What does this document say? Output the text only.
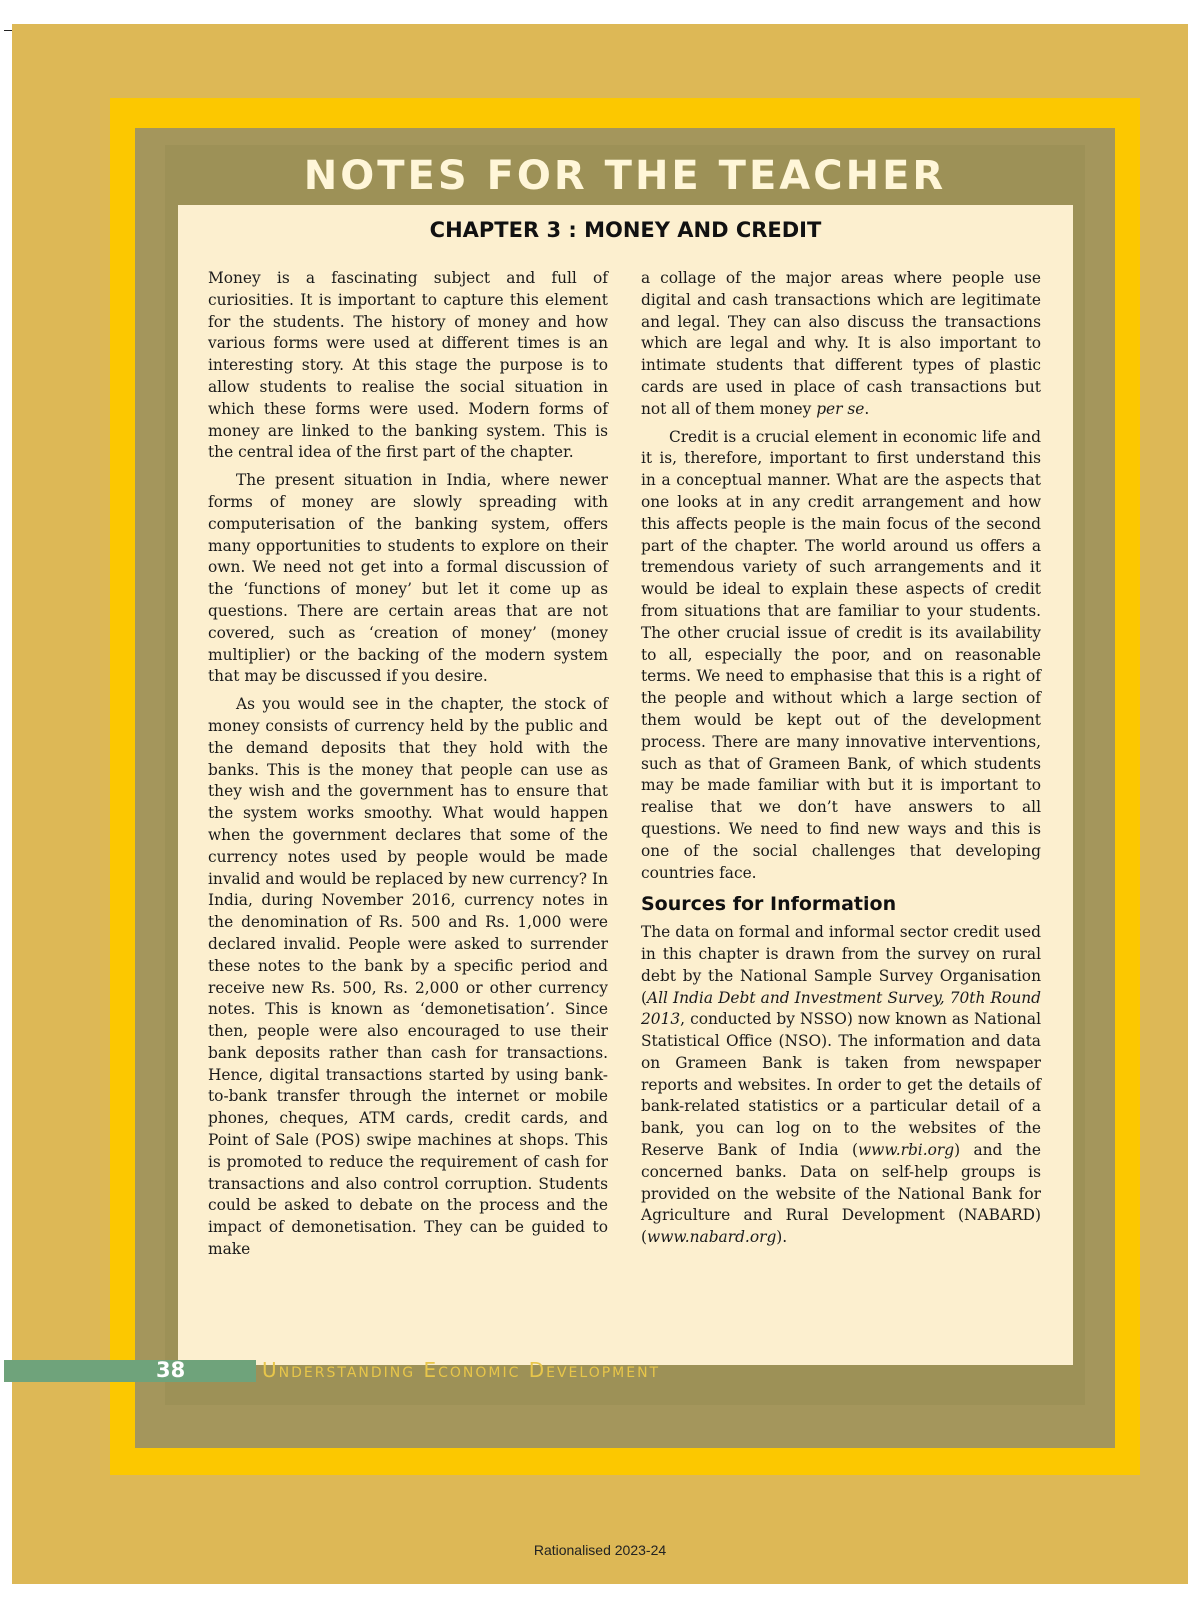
NOTES FOR THE TEACHER
CHAPTER 3 : MONEY AND CREDIT

Money is a fascinating subject and full of curiosities. It is important to capture this element for the students. The history of money and how various forms were used at different times is an interesting story. At this stage the purpose is to allow students to realise the social situation in which these forms were used. Modern forms of money are linked to the banking system. This is the central idea of the first part of the chapter.

The present situation in India, where newer forms of money are slowly spreading with computerisation of the banking system, offers many opportunities to students to explore on their own. We need not get into a formal discussion of the ‘functions of money’ but let it come up as questions. There are certain areas that are not covered, such as ‘creation of money’ (money multiplier) or the backing of the modern system that may be discussed if you desire.

As you would see in the chapter, the stock of money consists of currency held by the public and the demand deposits that they hold with the banks. This is the money that people can use as they wish and the government has to ensure that the system works smoothy. What would happen when the government declares that some of the currency notes used by people would be made invalid and would be replaced by new currency? In India, during November 2016, currency notes in the denomination of Rs. 500 and Rs. 1,000 were declared invalid. People were asked to surrender these notes to the bank by a specific period and receive new Rs. 500, Rs. 2,000 or other currency notes. This is known as ‘demonetisation’. Since then, people were also encouraged to use their bank deposits rather than cash for transactions. Hence, digital transactions started by using bank-to-bank transfer through the internet or mobile phones, cheques, ATM cards, credit cards, and Point of Sale (POS) swipe machines at shops. This is promoted to reduce the requirement of cash for transactions and also control corruption. Students could be asked to debate on the process and the impact of demonetisation. They can be guided to make

a collage of the major areas where people use digital and cash transactions which are legitimate and legal. They can also discuss the transactions which are legal and why. It is also important to intimate students that different types of plastic cards are used in place of cash transactions but not all of them money per se.

Credit is a crucial element in economic life and it is, therefore, important to first understand this in a conceptual manner. What are the aspects that one looks at in any credit arrangement and how this affects people is the main focus of the second part of the chapter. The world around us offers a tremendous variety of such arrangements and it would be ideal to explain these aspects of credit from situations that are familiar to your students. The other crucial issue of credit is its availability to all, especially the poor, and on reasonable terms. We need to emphasise that this is a right of the people and without which a large section of them would be kept out of the development process. There are many innovative interventions, such as that of Grameen Bank, of which students may be made familiar with but it is important to realise that we don’t have answers to all questions. We need to find new ways and this is one of the social challenges that developing countries face.

Sources for Information

The data on formal and informal sector credit used in this chapter is drawn from the survey on rural debt by the National Sample Survey Organisation (All India Debt and Investment Survey, 70th Round 2013, conducted by NSSO) now known as National Statistical Office (NSO). The information and data on Grameen Bank is taken from newspaper reports and websites. In order to get the details of bank-related statistics or a particular detail of a bank, you can log on to the websites of the Reserve Bank of India (www.rbi.org) and the concerned banks. Data on self-help groups is provided on the website of the National Bank for Agriculture and Rural Development (NABARD) (www.nabard.org).

38	Understanding Economic Development
Rationalised 2023-24
